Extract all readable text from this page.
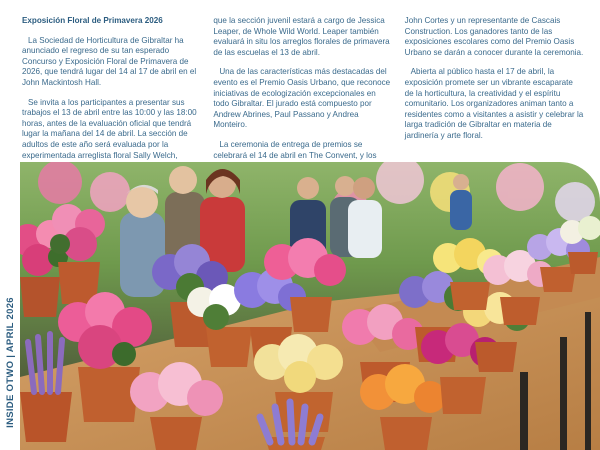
Exposición Floral de Primavera 2026

La Sociedad de Horticultura de Gibraltar ha anunciado el regreso de su tan esperado Concurso y Exposición Floral de Primavera de 2026, que tendrá lugar del 14 al 17 de abril en el John Mackintosh Hall.

Se invita a los participantes a presentar sus trabajos el 13 de abril entre las 10:00 y las 18:00 horas, antes de la evaluación oficial que tendrá lugar la mañana del 14 de abril. La sección de adultos de este año será evaluada por la experimentada arreglista floral Sally Welch,

que la sección juvenil estará a cargo de Jessica Leaper, de Whole Wild World. Leaper también evaluará in situ los arreglos florales de primavera de las escuelas el 13 de abril.

Una de las características más destacadas del evento es el Premio Oasis Urbano, que reconoce iniciativas de ecologización excepcionales en todo Gibraltar. El jurado está compuesto por Andrew Abrines, Paul Passano y Andrea Monteiro.

La ceremonia de entrega de premios se celebrará el 14 de abril en The Convent, y los

John Cortes y un representante de Cascais Construction. Los ganadores tanto de las exposiciones escolares como del Premio Oasis Urbano se darán a conocer durante la ceremonia.

Abierta al público hasta el 17 de abril, la exposición promete ser un vibrante escaparate de la horticultura, la creatividad y el espíritu comunitario. Los organizadores animan tanto a residentes como a visitantes a asistir y celebrar la larga tradición de Gibraltar en materia de jardinería y arte floral.

INSIDE OTWO | APRIL 2026
